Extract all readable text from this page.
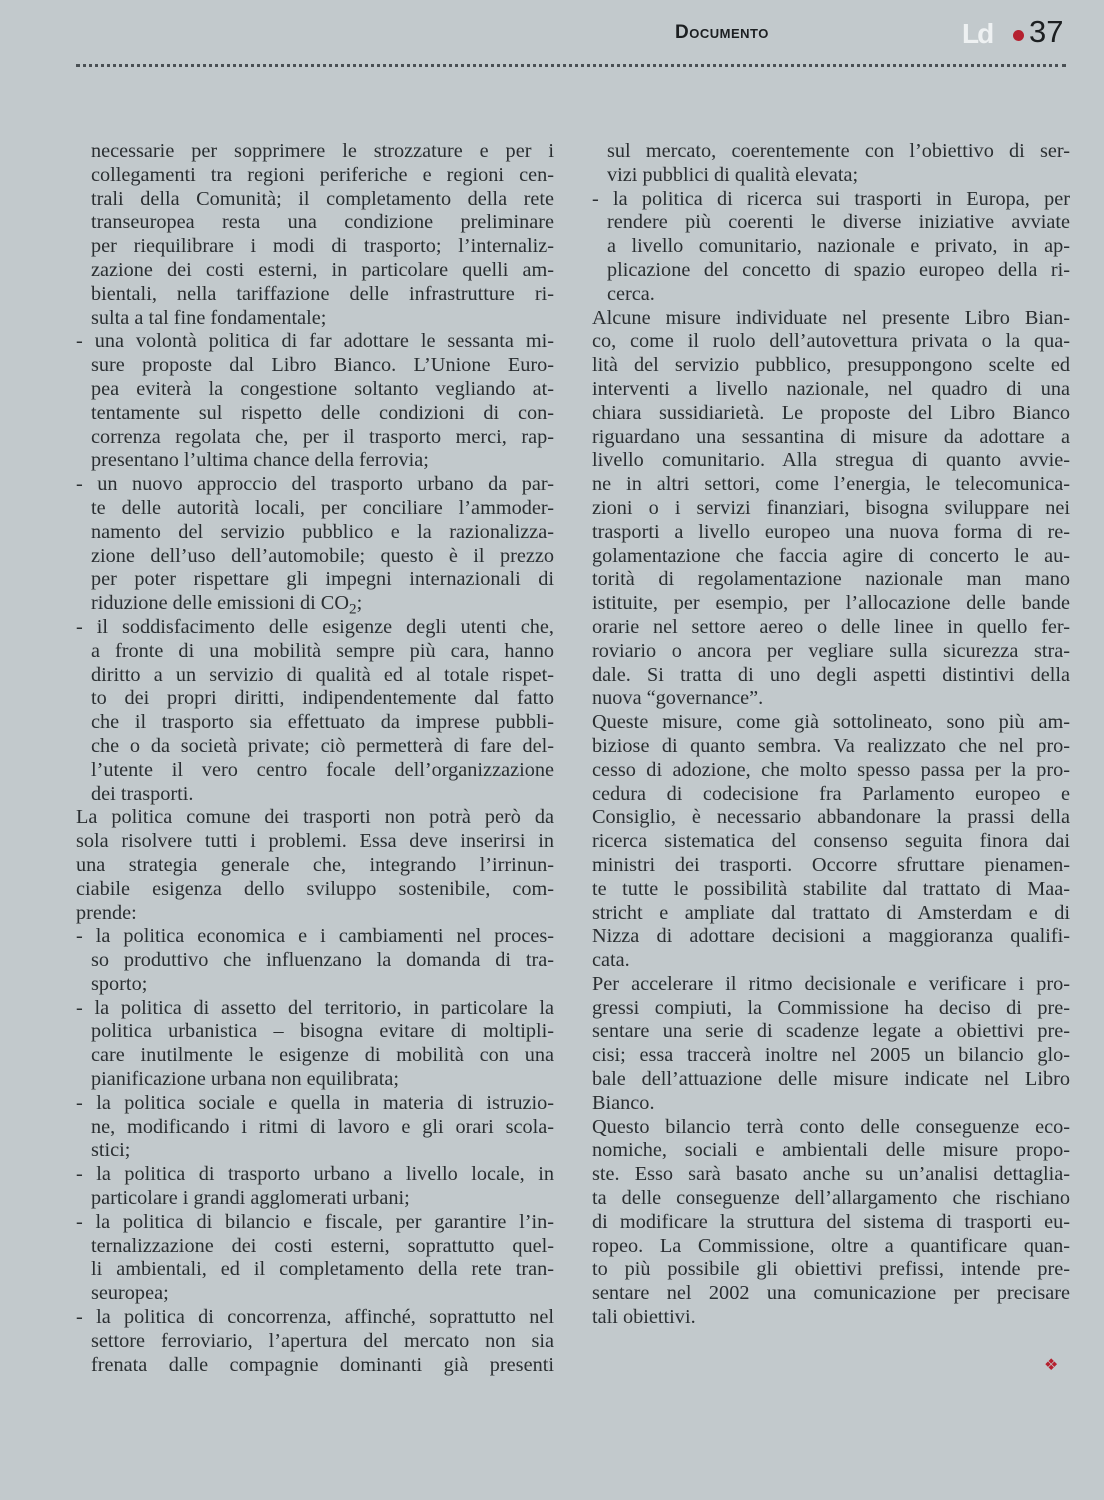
Documento	Ld 37
necessarie per sopprimere le strozzature e per i
collegamenti tra regioni periferiche e regioni cen-
trali della Comunità; il completamento della rete
transeuropea resta una condizione preliminare
per riequilibrare i modi di trasporto; l’internaliz-
zazione dei costi esterni, in particolare quelli am-
bientali, nella tariffazione delle infrastrutture ri-
sulta a tal fine fondamentale;
- una volontà politica di far adottare le sessanta mi-
sure proposte dal Libro Bianco. L’Unione Euro-
pea eviterà la congestione soltanto vegliando at-
tentamente sul rispetto delle condizioni di con-
correnza regolata che, per il trasporto merci, rap-
presentano l’ultima chance della ferrovia;
- un nuovo approccio del trasporto urbano da par-
te delle autorità locali, per conciliare l’ammoder-
namento del servizio pubblico e la razionalizza-
zione dell’uso dell’automobile; questo è il prezzo
per poter rispettare gli impegni internazionali di
riduzione delle emissioni di $CO_2$;
- il soddisfacimento delle esigenze degli utenti che,
a fronte di una mobilità sempre più cara, hanno
diritto a un servizio di qualità ed al totale rispet-
to dei propri diritti, indipendentemente dal fatto
che il trasporto sia effettuato da imprese pubbli-
che o da società private; ciò permetterà di fare del-
l’utente il vero centro focale dell’organizzazione
dei trasporti.
La politica comune dei trasporti non potrà però da
sola risolvere tutti i problemi. Essa deve inserirsi in
una strategia generale che, integrando l’irrinun-
ciabile esigenza dello sviluppo sostenibile, com-
prende:
- la politica economica e i cambiamenti nel proces-
so produttivo che influenzano la domanda di tra-
sporto;
- la politica di assetto del territorio, in particolare la
politica urbanistica – bisogna evitare di moltipli-
care inutilmente le esigenze di mobilità con una
pianificazione urbana non equilibrata;
- la politica sociale e quella in materia di istruzio-
ne, modificando i ritmi di lavoro e gli orari scola-
stici;
- la politica di trasporto urbano a livello locale, in
particolare i grandi agglomerati urbani;
- la politica di bilancio e fiscale, per garantire l’in-
ternalizzazione dei costi esterni, soprattutto quel-
li ambientali, ed il completamento della rete tran-
seuropea;
- la politica di concorrenza, affinché, soprattutto nel
settore ferroviario, l’apertura del mercato non sia
frenata dalle compagnie dominanti già presenti
sul mercato, coerentemente con l’obiettivo di ser-
vizi pubblici di qualità elevata;
- la politica di ricerca sui trasporti in Europa, per
rendere più coerenti le diverse iniziative avviate
a livello comunitario, nazionale e privato, in ap-
plicazione del concetto di spazio europeo della ri-
cerca.
Alcune misure individuate nel presente Libro Bian-
co, come il ruolo dell’autovettura privata o la qua-
lità del servizio pubblico, presuppongono scelte ed
interventi a livello nazionale, nel quadro di una
chiara sussidiarietà. Le proposte del Libro Bianco
riguardano una sessantina di misure da adottare a
livello comunitario. Alla stregua di quanto avvie-
ne in altri settori, come l’energia, le telecomunica-
zioni o i servizi finanziari, bisogna sviluppare nei
trasporti a livello europeo una nuova forma di re-
golamentazione che faccia agire di concerto le au-
torità di regolamentazione nazionale man mano
istituite, per esempio, per l’allocazione delle bande
orarie nel settore aereo o delle linee in quello fer-
roviario o ancora per vegliare sulla sicurezza stra-
dale. Si tratta di uno degli aspetti distintivi della
nuova “governance”.
Queste misure, come già sottolineato, sono più am-
biziose di quanto sembra. Va realizzato che nel pro-
cesso di adozione, che molto spesso passa per la pro-
cedura di codecisione fra Parlamento europeo e
Consiglio, è necessario abbandonare la prassi della
ricerca sistematica del consenso seguita finora dai
ministri dei trasporti. Occorre sfruttare pienamen-
te tutte le possibilità stabilite dal trattato di Maa-
stricht e ampliate dal trattato di Amsterdam e di
Nizza di adottare decisioni a maggioranza qualifi-
cata.
Per accelerare il ritmo decisionale e verificare i pro-
gressi compiuti, la Commissione ha deciso di pre-
sentare una serie di scadenze legate a obiettivi pre-
cisi; essa traccerà inoltre nel 2005 un bilancio glo-
bale dell’attuazione delle misure indicate nel Libro
Bianco.
Questo bilancio terrà conto delle conseguenze eco-
nomiche, sociali e ambientali delle misure propo-
ste. Esso sarà basato anche su un’analisi dettaglia-
ta delle conseguenze dell’allargamento che rischiano
di modificare la struttura del sistema di trasporti eu-
ropeo. La Commissione, oltre a quantificare quan-
to più possibile gli obiettivi prefissi, intende pre-
sentare nel 2002 una comunicazione per precisare
tali obiettivi.
❖
